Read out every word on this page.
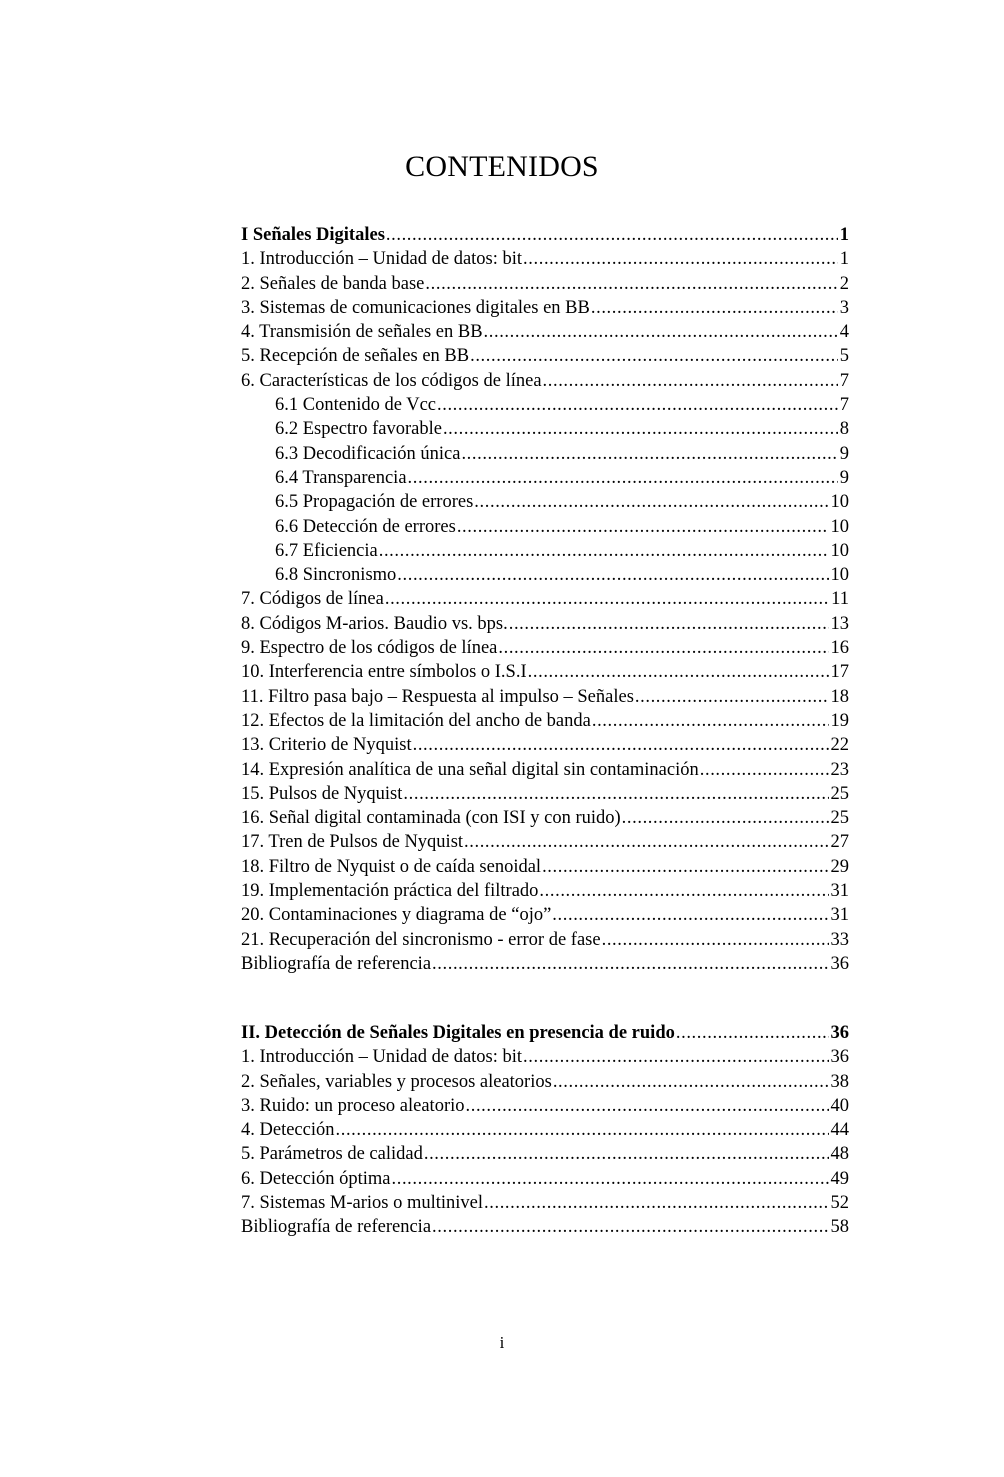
CONTENIDOS
I Señales Digitales .....	1
1. Introducción – Unidad de datos: bit .....	1
2. Señales de banda base .....	2
3. Sistemas de comunicaciones digitales en BB .....	3
4. Transmisión de señales en BB .....	4
5. Recepción de señales en BB .....	5
6. Características de los códigos de línea .....	7
6.1 Contenido de Vcc .....	7
6.2 Espectro favorable .....	8
6.3 Decodificación única .....	9
6.4 Transparencia .....	9
6.5 Propagación de errores .....	10
6.6 Detección de errores .....	10
6.7 Eficiencia .....	10
6.8 Sincronismo .....	10
7. Códigos de línea .....	11
8. Códigos M-arios. Baudio vs. bps. .....	13
9. Espectro de los códigos de línea .....	16
10. Interferencia entre símbolos o I.S.I .....	17
11. Filtro pasa bajo – Respuesta al impulso – Señales .....	18
12. Efectos de la limitación del ancho de banda .....	19
13. Criterio de Nyquist .....	22
14. Expresión analítica de una señal digital sin contaminación .....	23
15. Pulsos de Nyquist .....	25
16. Señal digital contaminada (con ISI y con ruido) .....	25
17. Tren de Pulsos de Nyquist .....	27
18. Filtro de Nyquist o de caída senoidal .....	29
19. Implementación práctica del filtrado .....	31
20. Contaminaciones y diagrama de “ojo” .....	31
21. Recuperación del sincronismo - error de fase .....	33
Bibliografía de referencia .....	36
II. Detección de Señales Digitales en presencia de ruido .....	36
1. Introducción – Unidad de datos: bit .....	36
2. Señales, variables y procesos aleatorios .....	38
3. Ruido: un proceso aleatorio .....	40
4. Detección .....	44
5. Parámetros de calidad .....	48
6. Detección óptima .....	49
7. Sistemas M-arios o multinivel .....	52
Bibliografía de referencia .....	58
i
